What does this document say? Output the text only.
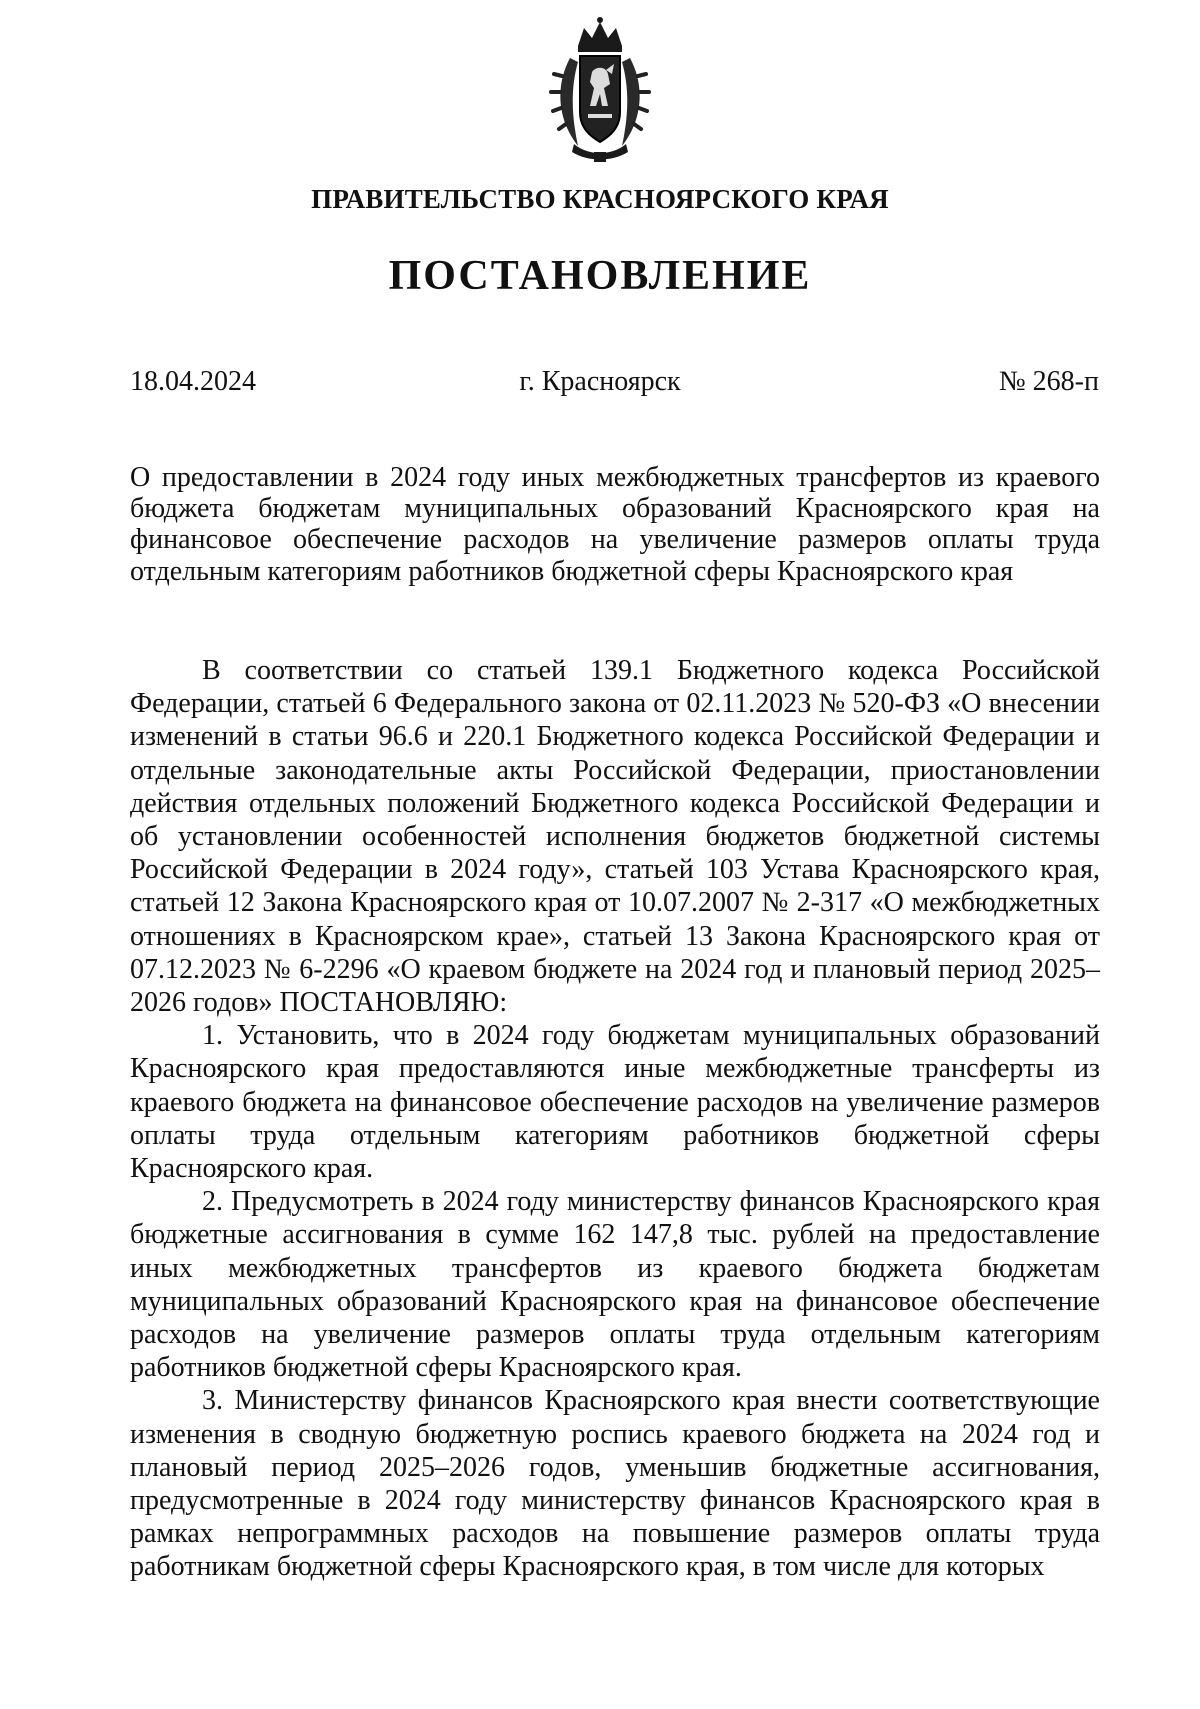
ПРАВИТЕЛЬСТВО КРАСНОЯРСКОГО КРАЯ
ПОСТАНОВЛЕНИЕ
18.04.2024	г. Красноярск	№ 268-п
О предоставлении в 2024 году иных межбюджетных трансфертов из краевого бюджета бюджетам муниципальных образований Красноярского края на финансовое обеспечение расходов на увеличение размеров оплаты труда отдельным категориям работников бюджетной сферы Красноярского края

В соответствии со статьей 139.1 Бюджетного кодекса Российской Федерации, статьей 6 Федерального закона от 02.11.2023 № 520-ФЗ «О внесении изменений в статьи 96.6 и 220.1 Бюджетного кодекса Российской Федерации и отдельные законодательные акты Российской Федерации, приостановлении действия отдельных положений Бюджетного кодекса Российской Федерации и об установлении особенностей исполнения бюджетов бюджетной системы Российской Федерации в 2024 году», статьей 103 Устава Красноярского края, статьей 12 Закона Красноярского края от 10.07.2007 № 2-317 «О межбюджетных отношениях в Красноярском крае», статьей 13 Закона Красноярского края от 07.12.2023 № 6-2296 «О краевом бюджете на 2024 год и плановый период 2025–2026 годов» ПОСТАНОВЛЯЮ:

1. Установить, что в 2024 году бюджетам муниципальных образований Красноярского края предоставляются иные межбюджетные трансферты из краевого бюджета на финансовое обеспечение расходов на увеличение размеров оплаты труда отдельным категориям работников бюджетной сферы Красноярского края.

2. Предусмотреть в 2024 году министерству финансов Красноярского края бюджетные ассигнования в сумме 162 147,8 тыс. рублей на предоставление иных межбюджетных трансфертов из краевого бюджета бюджетам муниципальных образований Красноярского края на финансовое обеспечение расходов на увеличение размеров оплаты труда отдельным категориям работников бюджетной сферы Красноярского края.

3. Министерству финансов Красноярского края внести соответствующие изменения в сводную бюджетную роспись краевого бюджета на 2024 год и плановый период 2025–2026 годов, уменьшив бюджетные ассигнования, предусмотренные в 2024 году министерству финансов Красноярского края в рамках непрограммных расходов на повышение размеров оплаты труда работникам бюджетной сферы Красноярского края, в том числе для которых
